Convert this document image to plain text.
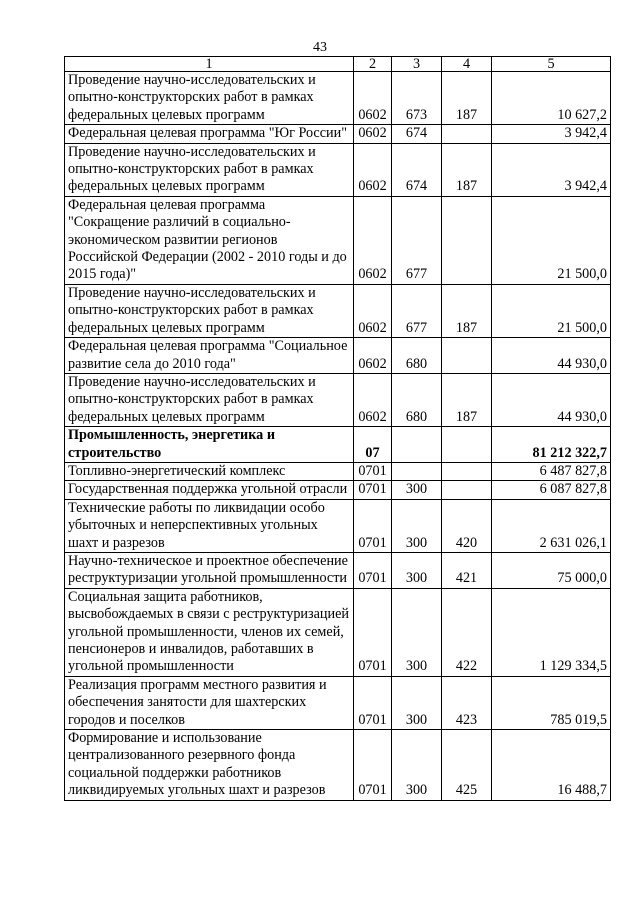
43
1	2	3	4	5
Проведение научно-исследовательских и опытно-конструкторских работ в рамках федеральных целевых программ	0602	673	187	10 627,2
Федеральная целевая программа "Юг России"	0602	674		3 942,4
Проведение научно-исследовательских и опытно-конструкторских работ в рамках федеральных целевых программ	0602	674	187	3 942,4
Федеральная целевая программа "Сокращение различий в социально-экономическом развитии регионов Российской Федерации (2002 - 2010 годы и до 2015 года)"	0602	677		21 500,0
Проведение научно-исследовательских и опытно-конструкторских работ в рамках федеральных целевых программ	0602	677	187	21 500,0
Федеральная целевая программа "Социальное развитие села до 2010 года"	0602	680		44 930,0
Проведение научно-исследовательских и опытно-конструкторских работ в рамках федеральных целевых программ	0602	680	187	44 930,0
Промышленность, энергетика и строительство	07			81 212 322,7
Топливно-энергетический комплекс	0701			6 487 827,8
Государственная поддержка угольной отрасли	0701	300		6 087 827,8
Технические работы по ликвидации особо убыточных и неперспективных угольных шахт и разрезов	0701	300	420	2 631 026,1
Научно-техническое и проектное обеспечение реструктуризации угольной промышленности	0701	300	421	75 000,0
Социальная защита работников, высвобождаемых в связи с реструктуризацией угольной промышленности, членов их семей, пенсионеров и инвалидов, работавших в угольной промышленности	0701	300	422	1 129 334,5
Реализация программ местного развития и обеспечения занятости для шахтерских городов и поселков	0701	300	423	785 019,5
Формирование и использование централизованного резервного фонда социальной поддержки работников ликвидируемых угольных шахт и разрезов	0701	300	425	16 488,7
